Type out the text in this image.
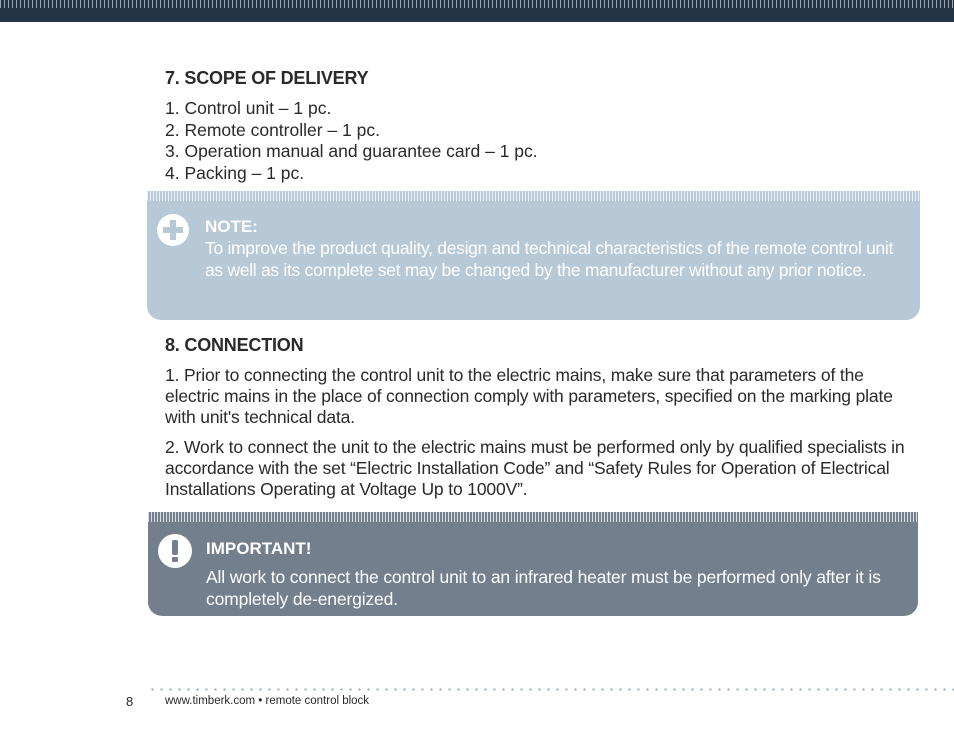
7. SCOPE OF DELIVERY
1. Control unit – 1 pc.
2. Remote controller – 1 pc.
3. Operation manual and guarantee card – 1 pc.
4. Packing – 1 pc.
NOTE:
To improve the product quality, design and technical characteristics of the remote control unit as well as its complete set may be changed by the manufacturer without any prior notice.
8. CONNECTION

1. Prior to connecting the control unit to the electric mains, make sure that parameters of the electric mains in the place of connection comply with parameters, specified on the marking plate with unit's technical data.

2. Work to connect the unit to the electric mains must be performed only by qualified specialists in accordance with the set “Electric Installation Code” and “Safety Rules for Operation of Electrical Installations Operating at Voltage Up to 1000V”.

IMPORTANT!
All work to connect the control unit to an infrared heater must be performed only after it is completely de-energized.
8	www.timberk.com • remote control block
